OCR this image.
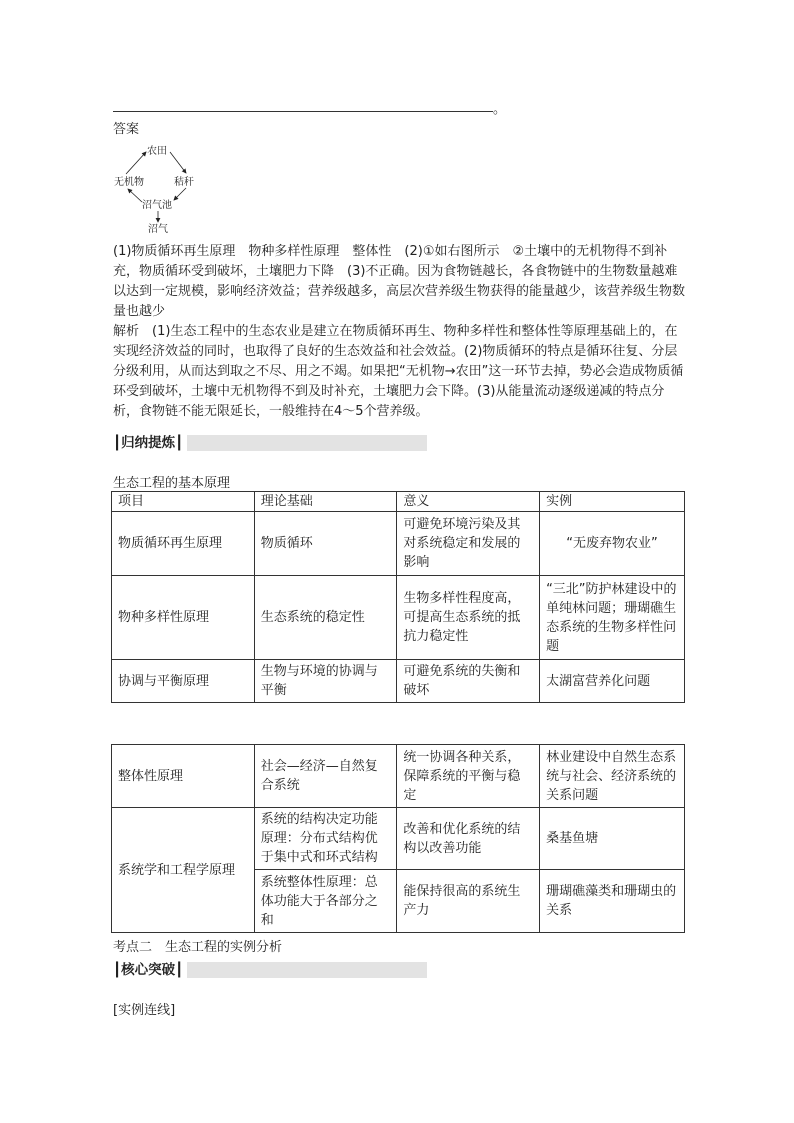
。
答案
农田
无机物	秸秆
沼气池
沼气
(1)物质循环再生原理　物种多样性原理　整体性　(2)①如右图所示　②土壤中的无机物得不到补充，物质循环受到破坏，土壤肥力下降　(3)不正确。因为食物链越长，各食物链中的生物数量越难以达到一定规模，影响经济效益；营养级越多，高层次营养级生物获得的能量越少，该营养级生物数量也越少
解析　 (1)生态工程中的生态农业是建立在物质循环再生、物种多样性和整体性等原理基础上的，在实现经济效益的同时，也取得了良好的生态效益和社会效益。(2)物质循环的特点是循环往复、分层分级利用，从而达到取之不尽、用之不竭。如果把“无机物→农田”这一环节去掉，势必会造成物质循环受到破坏，土壤中无机物得不到及时补充，土壤肥力会下降。(3)从能量流动逐级递减的特点分析，食物链不能无限延长，一般维持在4～5个营养级。
┃归纳提炼┃
生态工程的基本原理
项目	理论基础	意义	实例
物质循环再生原理	物质循环	可避免环境污染及其对系统稳定和发展的影响	“无废弃物农业”
物种多样性原理	生态系统的稳定性	生物多样性程度高，可提高生态系统的抵抗力稳定性	“三北”防护林建设中的单纯林问题；珊瑚礁生态系统的生物多样性问题
协调与平衡原理	生物与环境的协调与平衡	可避免系统的失衡和破坏	太湖富营养化问题
整体性原理	社会—经济—自然复合系统	统一协调各种关系，保障系统的平衡与稳定	林业建设中自然生态系统与社会、经济系统的关系问题
系统学和工程学原理	系统的结构决定功能原理：分布式结构优于集中式和环式结构	改善和优化系统的结构以改善功能	桑基鱼塘
	系统整体性原理：总体功能大于各部分之和	能保持很高的系统生产力	珊瑚礁藻类和珊瑚虫的关系
考点二　生态工程的实例分析
┃核心突破┃
[实例连线]
